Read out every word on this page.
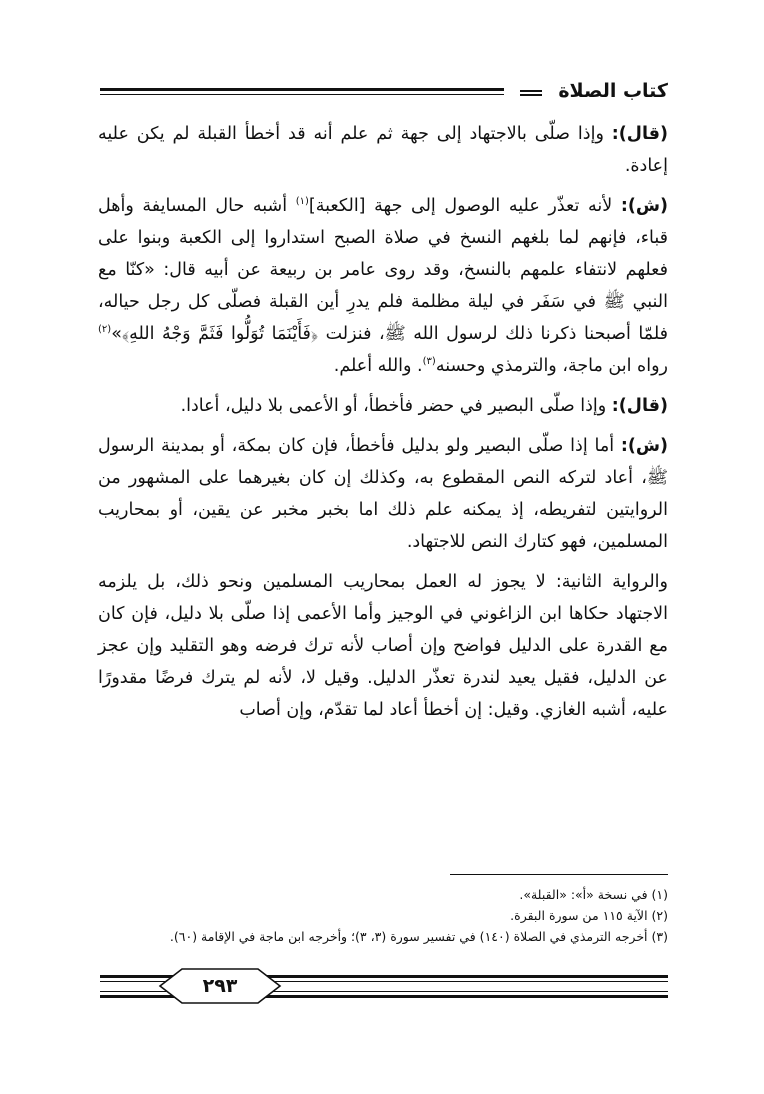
كتاب الصلاة

(قال): وإذا صلّى بالاجتهاد إلى جهة ثم علم أنه قد أخطأ القبلة لم يكن عليه إعادة.

(ش): لأنه تعذّر عليه الوصول إلى جهة [الكعبة]$^{(١)}$ أشبه حال المسايفة وأهل قباء، فإنهم لما بلغهم النسخ في صلاة الصبح استداروا إلى الكعبة وبنوا على فعلهم لانتفاء علمهم بالنسخ، وقد روى عامر بن ربيعة عن أبيه قال: «كنّا مع النبي ﷺ في سَفَر في ليلة مظلمة فلم يدرِ أين القبلة فصلّى كل رجل حياله، فلمّا أصبحنا ذكرنا ذلك لرسول الله ﷺ، فنزلت ﴿فَأَيْنَمَا تُوَلُّوا فَثَمَّ وَجْهُ اللهِ﴾»$^{(٢)}$ رواه ابن ماجة، والترمذي وحسنه$^{(٣)}$. والله أعلم.

(قال): وإذا صلّى البصير في حضر فأخطأ، أو الأعمى بلا دليل، أعادا.

(ش): أما إذا صلّى البصير ولو بدليل فأخطأ، فإن كان بمكة، أو بمدينة الرسول ﷺ، أعاد لتركه النص المقطوع به، وكذلك إن كان بغيرهما على المشهور من الروايتين لتفريطه، إذ يمكنه علم ذلك اما بخبر مخبر عن يقين، أو بمحاريب المسلمين، فهو كتارك النص للاجتهاد.

والرواية الثانية: لا يجوز له العمل بمحاريب المسلمين ونحو ذلك، بل يلزمه الاجتهاد حكاها ابن الزاغوني في الوجيز وأما الأعمى إذا صلّى بلا دليل، فإن كان مع القدرة على الدليل فواضح وإن أصاب لأنه ترك فرضه وهو التقليد وإن عجز عن الدليل، فقيل يعيد لندرة تعذّر الدليل. وقيل لا، لأنه لم يترك فرضًا مقدورًا عليه، أشبه الغازي. وقيل: إن أخطأ أعاد لما تقدّم، وإن أصاب

(١) في نسخة «أ»: «القبلة».

(٢) الآية ١١٥ من سورة البقرة.

(٣) أخرجه الترمذي في الصلاة (١٤٠) في تفسير سورة (٣، ٣)؛ وأخرجه ابن ماجة في الإقامة (٦٠).

٢٩٣
